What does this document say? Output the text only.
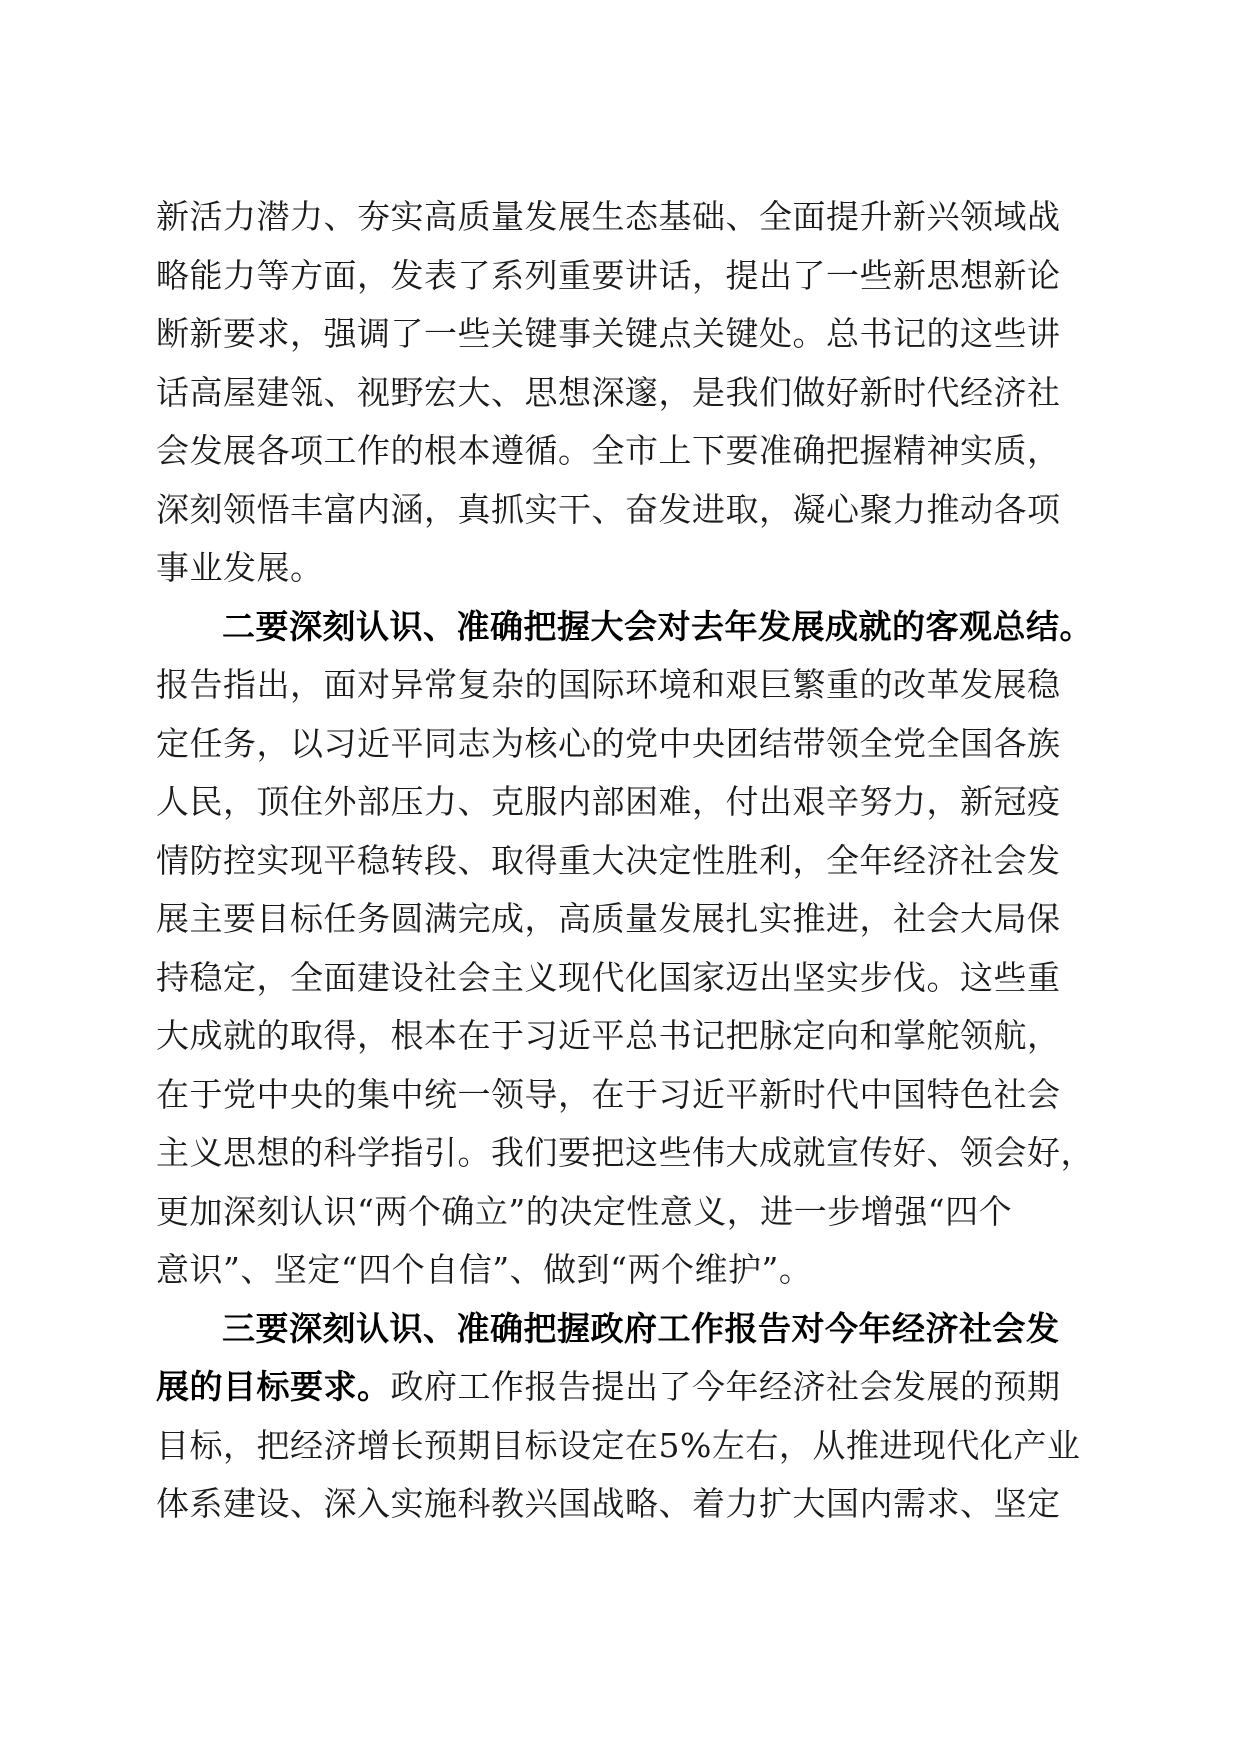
新活力潜力、夯实高质量发展生态基础、全面提升新兴领域战
略能力等方面，发表了系列重要讲话，提出了一些新思想新论
断新要求，强调了一些关键事关键点关键处。总书记的这些讲
话高屋建瓴、视野宏大、思想深邃，是我们做好新时代经济社
会发展各项工作的根本遵循。全市上下要准确把握精神实质，
深刻领悟丰富内涵，真抓实干、奋发进取，凝心聚力推动各项
事业发展。
二要深刻认识、准确把握大会对去年发展成就的客观总结。
报告指出，面对异常复杂的国际环境和艰巨繁重的改革发展稳
定任务，以习近平同志为核心的党中央团结带领全党全国各族
人民，顶住外部压力、克服内部困难，付出艰辛努力，新冠疫
情防控实现平稳转段、取得重大决定性胜利，全年经济社会发
展主要目标任务圆满完成，高质量发展扎实推进，社会大局保
持稳定，全面建设社会主义现代化国家迈出坚实步伐。这些重
大成就的取得，根本在于习近平总书记把脉定向和掌舵领航，
在于党中央的集中统一领导，在于习近平新时代中国特色社会
主义思想的科学指引。我们要把这些伟大成就宣传好、领会好，
更加深刻认识“两个确立”的决定性意义，进一步增强“四个
意识”、坚定“四个自信”、做到“两个维护”。
三要深刻认识、准确把握政府工作报告对今年经济社会发
展的目标要求。政府工作报告提出了今年经济社会发展的预期
目标，把经济增长预期目标设定在5%左右，从推进现代化产业
体系建设、深入实施科教兴国战略、着力扩大国内需求、坚定
